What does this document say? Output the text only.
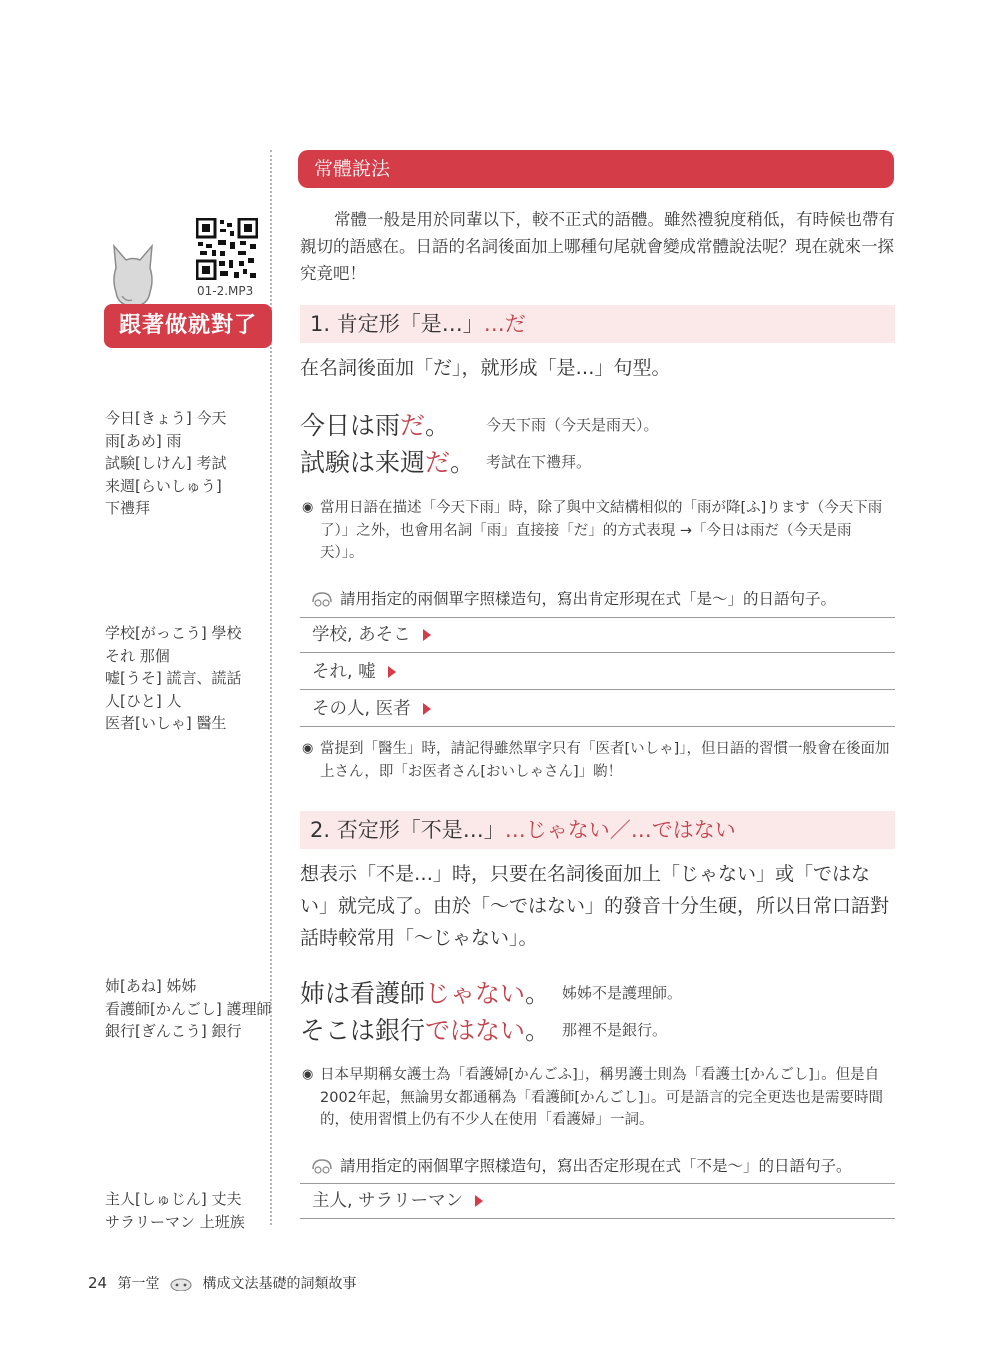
01-2.MP3
跟著做就對了
今日[きょう] 今天
雨[あめ] 雨
試験[しけん] 考試
来週[らいしゅう]
下禮拜
学校[がっこう] 學校
それ 那個
嘘[うそ] 謊言、謊話
人[ひと] 人
医者[いしゃ] 醫生
姉[あね] 姊姊
看護師[かんごし] 護理師
銀行[ぎんこう] 銀行
主人[しゅじん] 丈夫
サラリーマン 上班族
常體說法
常體一般是用於同輩以下，較不正式的語體。雖然禮貌度稍低，有時候也帶有親切的語感在。日語的名詞後面加上哪種句尾就會變成常體說法呢？現在就來一探究竟吧！
1. 肯定形「是…」…だ
在名詞後面加「だ」，就形成「是…」句型。
今日は雨だ。 今天下雨（今天是雨天）。
試験は来週だ。 考試在下禮拜。
◉ 當用日語在描述「今天下雨」時，除了與中文結構相似的「雨が降[ふ]ります（今天下雨了）」之外，也會用名詞「雨」直接接「だ」的方式表現 →「今日は雨だ（今天是雨天）」。
請用指定的兩個單字照樣造句，寫出肯定形現在式「是～」的日語句子。
学校, あそこ
それ, 嘘
その人, 医者
◉ 當提到「醫生」時，請記得雖然單字只有「医者[いしゃ]」，但日語的習慣一般會在後面加上さん，即「お医者さん[おいしゃさん]」喲！
2. 否定形「不是…」…じゃない／…ではない
想表示「不是…」時，只要在名詞後面加上「じゃない」或「ではない」就完成了。由於「～ではない」的發音十分生硬，所以日常口語對話時較常用「～じゃない」。
姉は看護師じゃない。 姊姊不是護理師。
そこは銀行ではない。 那裡不是銀行。
◉ 日本早期稱女護士為「看護婦[かんごふ]」，稱男護士則為「看護士[かんごし]」。但是自2002年起，無論男女都通稱為「看護師[かんごし]」。可是語言的完全更迭也是需要時間的，使用習慣上仍有不少人在使用「看護婦」一詞。
請用指定的兩個單字照樣造句，寫出否定形現在式「不是～」的日語句子。
主人, サラリーマン
24 第一堂	構成文法基礎的詞類故事
